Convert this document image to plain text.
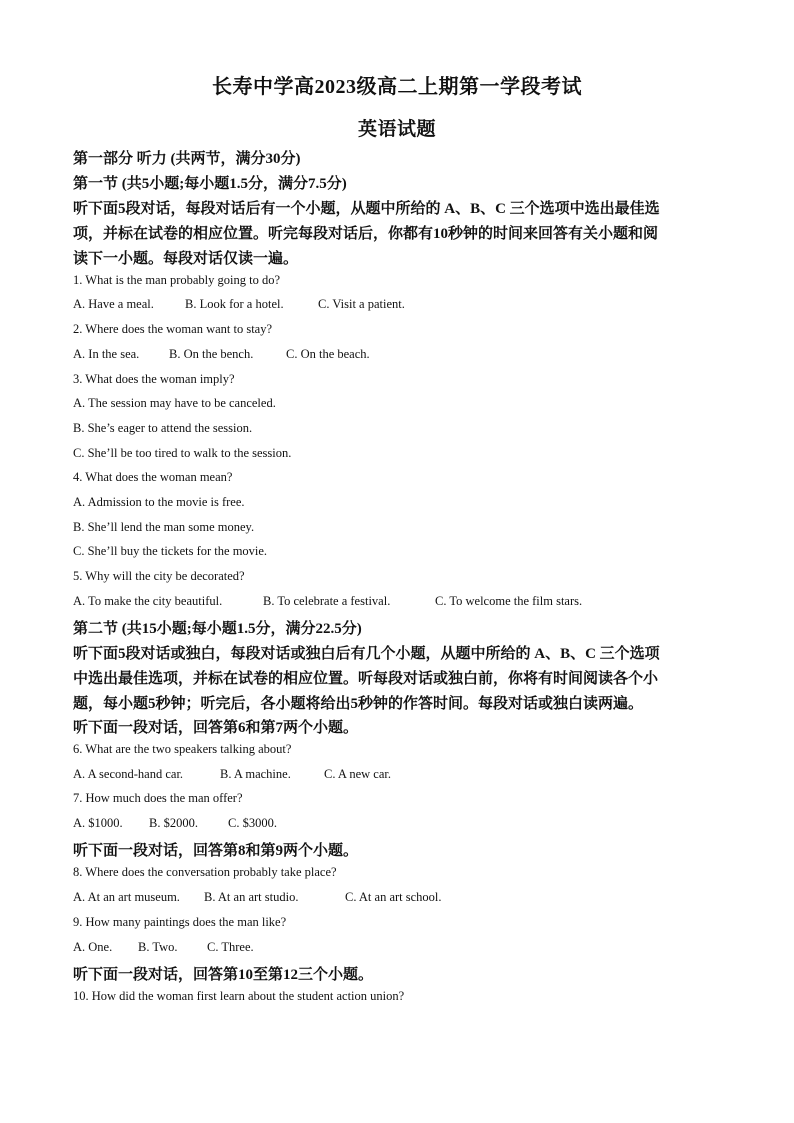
长寿中学高2023级高二上期第一学段考试
英语试题
第一部分 听力 (共两节，满分30分)
第一节 (共5小题;每小题1.5分，满分7.5分)
听下面5段对话，每段对话后有一个小题，从题中所给的 A、B、C 三个选项中选出最佳选
项，并标在试卷的相应位置。听完每段对话后，你都有10秒钟的时间来回答有关小题和阅
读下一小题。每段对话仅读一遍。
1. What is the man probably going to do?
A. Have a meal. B. Look for a hotel.	C. Visit a patient.
2. Where does the woman want to stay?
A. In the sea. B. On the bench.	C. On the beach.
3. What does the woman imply?
A. The session may have to be canceled.
B. She’s eager to attend the session.
C. She’ll be too tired to walk to the session.
4. What does the woman mean?
A. Admission to the movie is free.
B. She’ll lend the man some money.
C. She’ll buy the tickets for the movie.
5. Why will the city be decorated?
A. To make the city beautiful.	B. To celebrate a festival.	C. To welcome the film stars.
第二节 (共15小题;每小题1.5分，满分22.5分)
听下面5段对话或独白，每段对话或独白后有几个小题，从题中所给的 A、B、C 三个选项
中选出最佳选项，并标在试卷的相应位置。听每段对话或独白前，你将有时间阅读各个小
题，每小题5秒钟；听完后，各小题将给出5秒钟的作答时间。每段对话或独白读两遍。
听下面一段对话，回答第6和第7两个小题。
6. What are the two speakers talking about?
A. A second-hand car.	B. A machine.	C. A new car.
7. How much does the man offer?
A. $1000. B. $2000. C. $3000.
听下面一段对话，回答第8和第9两个小题。
8. Where does the conversation probably take place?
A. At an art museum. B. At an art studio.	C. At an art school.
9. How many paintings does the man like?
A. One. B. Two. C. Three.
听下面一段对话，回答第10至第12三个小题。
10. How did the woman first learn about the student action union?
